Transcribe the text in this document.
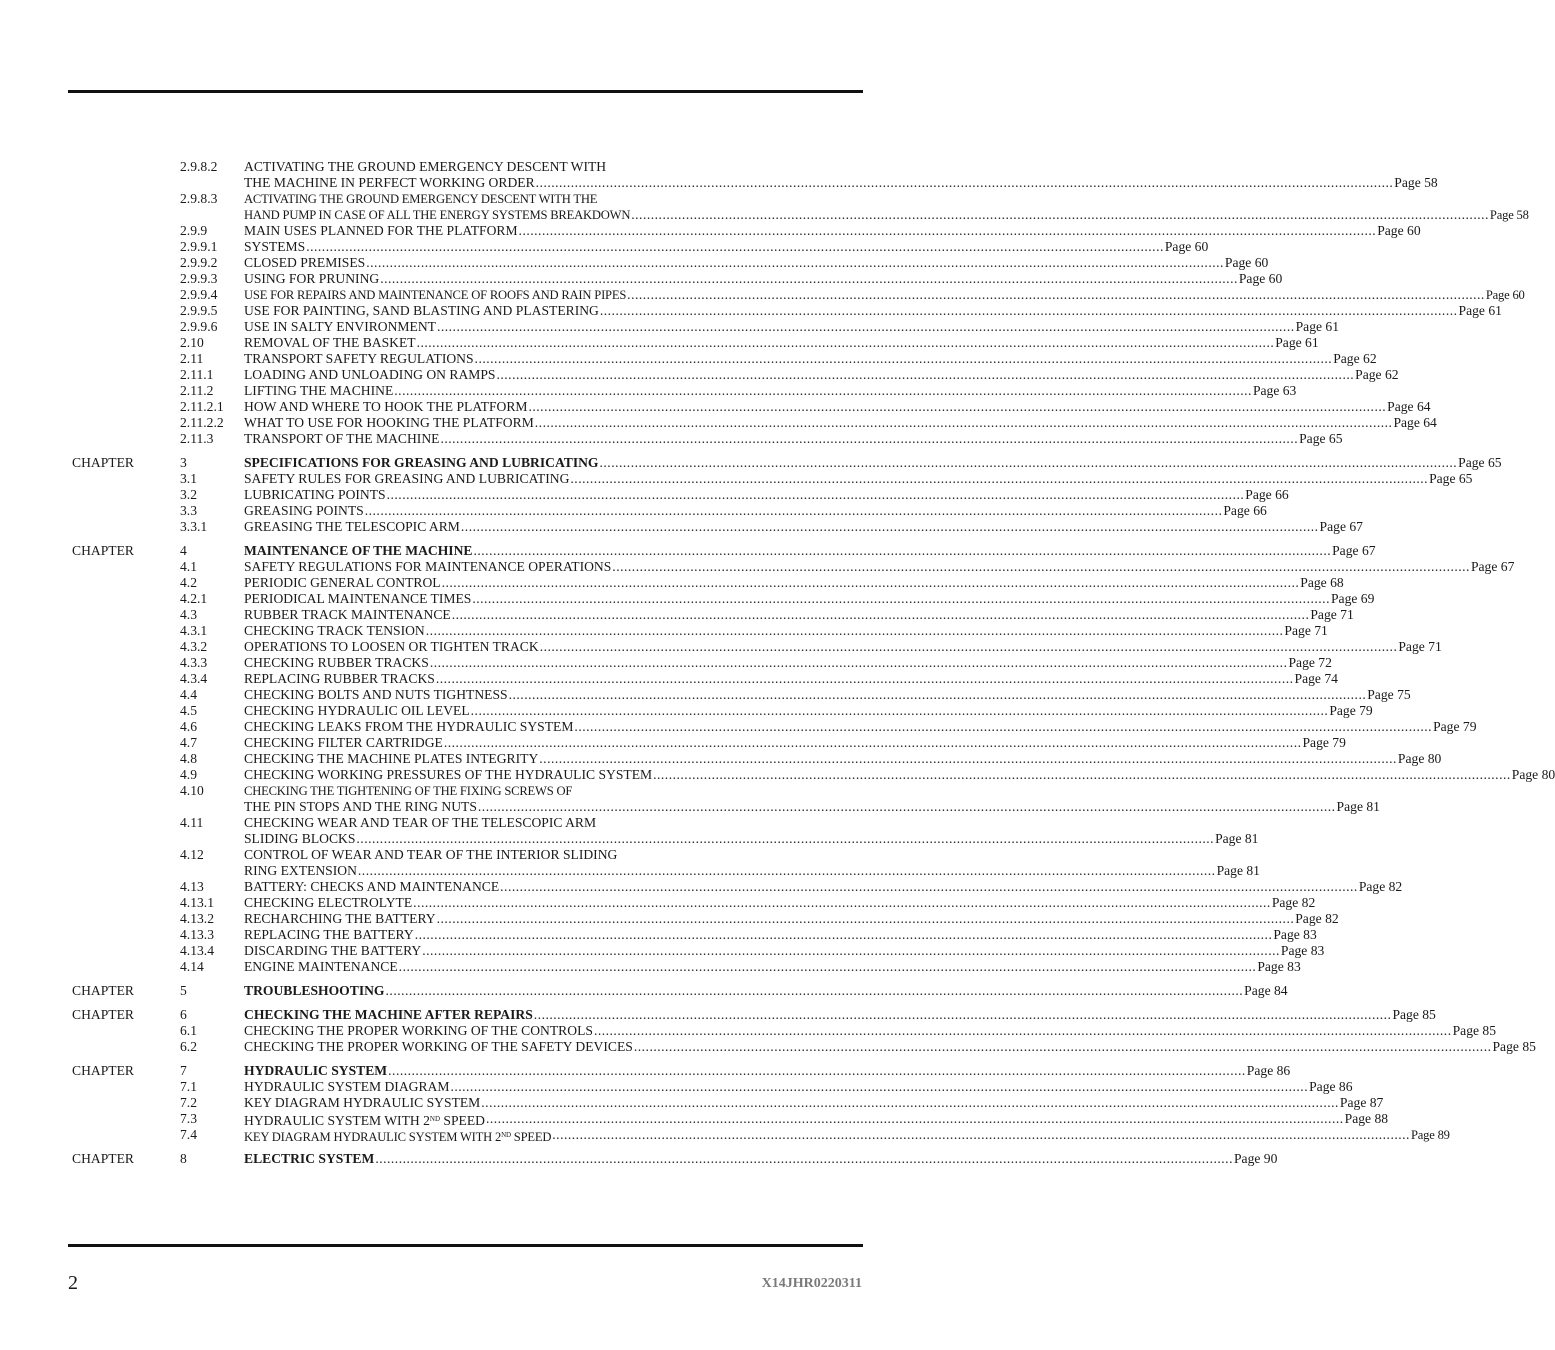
2.9.8.2 ACTIVATING THE GROUND EMERGENCY DESCENT WITH
THE MACHINE IN PERFECT WORKING ORDER ............................................................................................................................................................................................................................ Page 58
2.9.8.3 ACTIVATING THE GROUND EMERGENCY DESCENT WITH THE
HAND PUMP IN CASE OF ALL THE ENERGY SYSTEMS BREAKDOWN ............................................................................................................................................................................................................................ Page 58
2.9.9	MAIN USES PLANNED FOR THE PLATFORM ............................................................................................................................................................................................................................ Page 60
2.9.9.1 SYSTEMS ............................................................................................................................................................................................................................ Page 60
2.9.9.2 CLOSED PREMISES ............................................................................................................................................................................................................................ Page 60
2.9.9.3 USING FOR PRUNING ............................................................................................................................................................................................................................ Page 60
2.9.9.4 USE FOR REPAIRS AND MAINTENANCE OF ROOFS AND RAIN PIPES ............................................................................................................................................................................................................................ Page 60
2.9.9.5 USE FOR PAINTING, SAND BLASTING AND PLASTERING ............................................................................................................................................................................................................................ Page 61
2.9.9.6 USE IN SALTY ENVIRONMENT ............................................................................................................................................................................................................................ Page 61
2.10	REMOVAL OF THE BASKET ............................................................................................................................................................................................................................ Page 61
2.11	TRANSPORT SAFETY REGULATIONS ............................................................................................................................................................................................................................ Page 62
2.11.1 LOADING AND UNLOADING ON RAMPS ............................................................................................................................................................................................................................ Page 62
2.11.2 LIFTING THE MACHINE ............................................................................................................................................................................................................................ Page 63
2.11.2.1 HOW AND WHERE TO HOOK THE PLATFORM ............................................................................................................................................................................................................................ Page 64
2.11.2.2 WHAT TO USE FOR HOOKING THE PLATFORM ............................................................................................................................................................................................................................ Page 64
2.11.3 TRANSPORT OF THE MACHINE ............................................................................................................................................................................................................................ Page 65
CHAPTER	3	SPECIFICATIONS FOR GREASING AND LUBRICATING ............................................................................................................................................................................................................................ Page 65
3.1	SAFETY RULES FOR GREASING AND LUBRICATING ............................................................................................................................................................................................................................ Page 65
3.2	LUBRICATING POINTS ............................................................................................................................................................................................................................ Page 66
3.3	GREASING POINTS ............................................................................................................................................................................................................................ Page 66
3.3.1	GREASING THE TELESCOPIC ARM ............................................................................................................................................................................................................................ Page 67
CHAPTER	4	MAINTENANCE OF THE MACHINE ............................................................................................................................................................................................................................ Page 67
4.1	SAFETY REGULATIONS FOR MAINTENANCE OPERATIONS ............................................................................................................................................................................................................................ Page 67
4.2	PERIODIC GENERAL CONTROL ............................................................................................................................................................................................................................ Page 68
4.2.1	PERIODICAL MAINTENANCE TIMES ............................................................................................................................................................................................................................ Page 69
4.3	RUBBER TRACK MAINTENANCE ............................................................................................................................................................................................................................ Page 71
4.3.1	CHECKING TRACK TENSION ............................................................................................................................................................................................................................ Page 71
4.3.2	OPERATIONS TO LOOSEN OR TIGHTEN TRACK ............................................................................................................................................................................................................................ Page 71
4.3.3	CHECKING RUBBER TRACKS ............................................................................................................................................................................................................................ Page 72
4.3.4	REPLACING RUBBER TRACKS ............................................................................................................................................................................................................................ Page 74
4.4	CHECKING BOLTS AND NUTS TIGHTNESS ............................................................................................................................................................................................................................ Page 75
4.5	CHECKING HYDRAULIC OIL LEVEL ............................................................................................................................................................................................................................ Page 79
4.6	CHECKING LEAKS FROM THE HYDRAULIC SYSTEM ............................................................................................................................................................................................................................ Page 79
4.7	CHECKING FILTER CARTRIDGE ............................................................................................................................................................................................................................ Page 79
4.8	CHECKING THE MACHINE PLATES INTEGRITY ............................................................................................................................................................................................................................ Page 80
4.9	CHECKING WORKING PRESSURES OF THE HYDRAULIC SYSTEM ............................................................................................................................................................................................................................ Page 80
4.10	CHECKING THE TIGHTENING OF THE FIXING SCREWS OF
THE PIN STOPS AND THE RING NUTS ............................................................................................................................................................................................................................ Page 81
4.11	CHECKING WEAR AND TEAR OF THE TELESCOPIC ARM
SLIDING BLOCKS ............................................................................................................................................................................................................................ Page 81
4.12	CONTROL OF WEAR AND TEAR OF THE INTERIOR SLIDING
RING EXTENSION ............................................................................................................................................................................................................................ Page 81
4.13	BATTERY: CHECKS AND MAINTENANCE ............................................................................................................................................................................................................................ Page 82
4.13.1 CHECKING ELECTROLYTE ............................................................................................................................................................................................................................ Page 82
4.13.2 RECHARCHING THE BATTERY ............................................................................................................................................................................................................................ Page 82
4.13.3 REPLACING THE BATTERY ............................................................................................................................................................................................................................ Page 83
4.13.4 DISCARDING THE BATTERY ............................................................................................................................................................................................................................ Page 83
4.14	ENGINE MAINTENANCE ............................................................................................................................................................................................................................ Page 83
CHAPTER	5	TROUBLESHOOTING ............................................................................................................................................................................................................................ Page 84
CHAPTER	6	CHECKING THE MACHINE AFTER REPAIRS ............................................................................................................................................................................................................................ Page 85
6.1	CHECKING THE PROPER WORKING OF THE CONTROLS ............................................................................................................................................................................................................................ Page 85
6.2	CHECKING THE PROPER WORKING OF THE SAFETY DEVICES ............................................................................................................................................................................................................................ Page 85
CHAPTER	7	HYDRAULIC SYSTEM ............................................................................................................................................................................................................................ Page 86
7.1	HYDRAULIC SYSTEM DIAGRAM ............................................................................................................................................................................................................................ Page 86
7.2	KEY DIAGRAM HYDRAULIC SYSTEM ............................................................................................................................................................................................................................ Page 87
7.3	HYDRAULIC SYSTEM WITH 2ND SPEED ............................................................................................................................................................................................................................ Page 88
7.4	KEY DIAGRAM HYDRAULIC SYSTEM WITH 2ND SPEED ............................................................................................................................................................................................................................ Page 89
CHAPTER	8	ELECTRIC SYSTEM ............................................................................................................................................................................................................................ Page 90
2	X14JHR0220311
